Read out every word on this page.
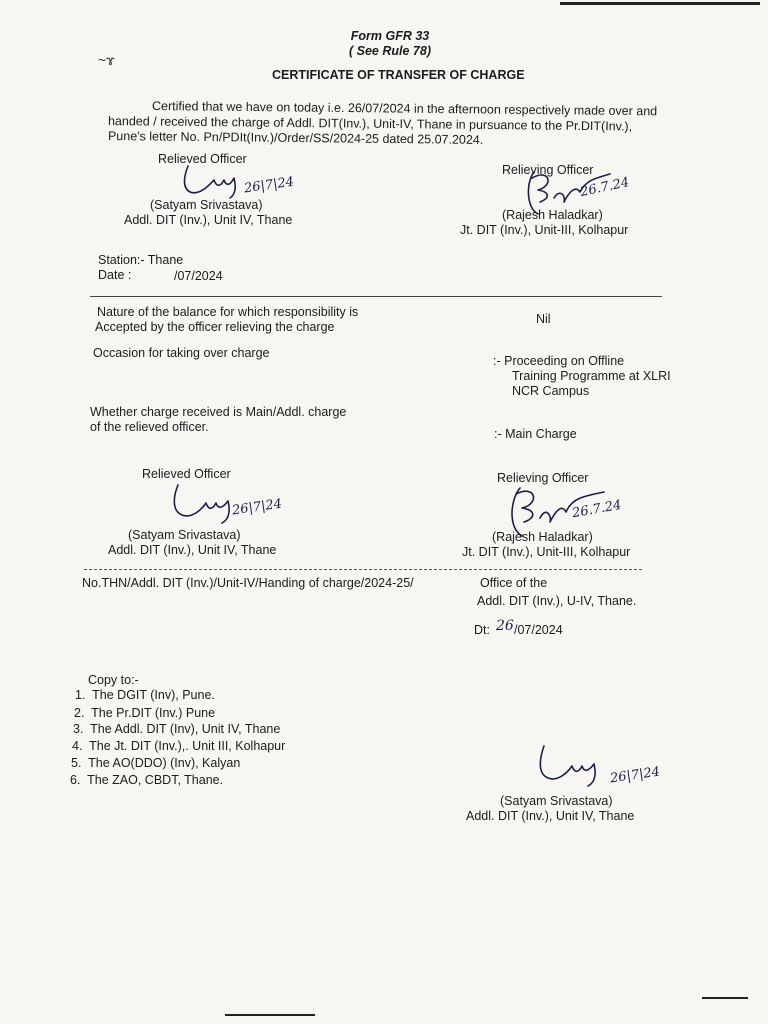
~ɤ
Form GFR 33
( See Rule 78)
CERTIFICATE OF TRANSFER OF CHARGE
Certified that we have on today i.e. 26/07/2024 in the afternoon respectively made over and
handed / received the charge of Addl. DIT(Inv.), Unit-IV, Thane in pursuance to the Pr.DIT(Inv.),
Pune's letter No. Pn/PDIt(Inv.)/Order/SS/2024-25 dated 25.07.2024.
Relieved Officer
26|7|24
(Satyam Srivastava)
Addl. DIT (Inv.), Unit IV, Thane
Relieving Officer
26.7.24
(Rajesh Haladkar)
Jt. DIT (Inv.), Unit-III, Kolhapur
Station:- Thane
Date :	/07/2024
Nature of the balance for which responsibility is
Accepted by the officer relieving the charge
Nil
Occasion for taking over charge
:- Proceeding on Offline
Training Programme at XLRI
NCR Campus
Whether charge received is Main/Addl. charge
of the relieved officer.	:- Main Charge
Relieved Officer
26|7|24
(Satyam Srivastava)
Addl. DIT (Inv.), Unit IV, Thane
Relieving Officer
26.7.24
(Rajesh Haladkar)
Jt. DIT (Inv.), Unit-III, Kolhapur
No.THN/Addl. DIT (Inv.)/Unit-IV/Handing of charge/2024-25/	Office of the
Addl. DIT (Inv.), U-IV, Thane.
Dt: 26 /07/2024
Copy to:-
1.  The DGIT (Inv), Pune.
2.  The Pr.DIT (Inv.) Pune
3.  The Addl. DIT (Inv), Unit IV, Thane
4.  The Jt. DIT (Inv.),. Unit III, Kolhapur
5.  The AO(DDO) (Inv), Kalyan
6.  The ZAO, CBDT, Thane.	26|7|24
(Satyam Srivastava)
Addl. DIT (Inv.), Unit IV, Thane
